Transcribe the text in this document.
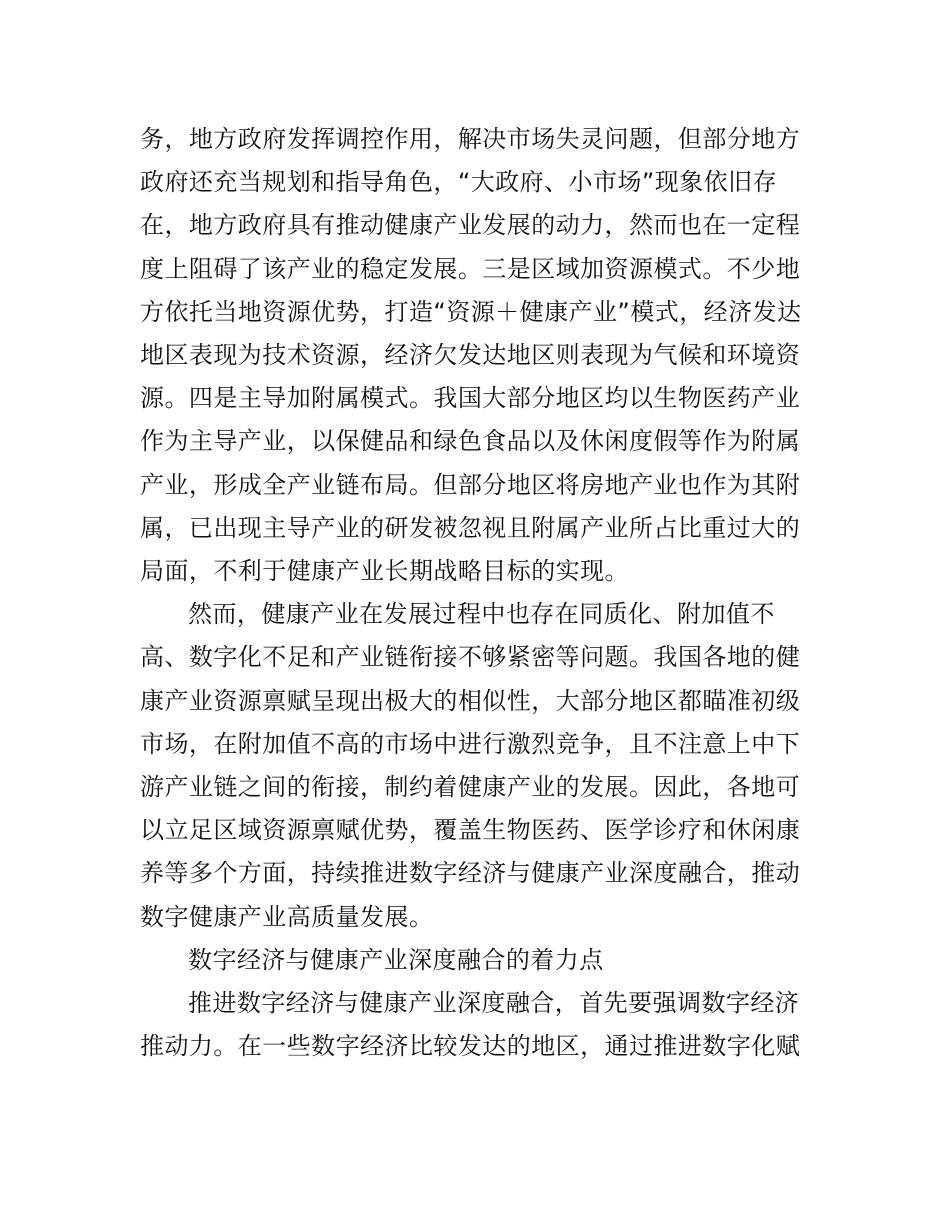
务，地方政府发挥调控作用，解决市场失灵问题，但部分地方
政府还充当规划和指导角色，“大政府、小市场”现象依旧存
在，地方政府具有推动健康产业发展的动力，然而也在一定程
度上阻碍了该产业的稳定发展。三是区域加资源模式。不少地
方依托当地资源优势，打造“资源＋健康产业”模式，经济发达
地区表现为技术资源，经济欠发达地区则表现为气候和环境资
源。四是主导加附属模式。我国大部分地区均以生物医药产业
作为主导产业，以保健品和绿色食品以及休闲度假等作为附属
产业，形成全产业链布局。但部分地区将房地产业也作为其附
属，已出现主导产业的研发被忽视且附属产业所占比重过大的
局面，不利于健康产业长期战略目标的实现。
然而，健康产业在发展过程中也存在同质化、附加值不
高、数字化不足和产业链衔接不够紧密等问题。我国各地的健
康产业资源禀赋呈现出极大的相似性，大部分地区都瞄准初级
市场，在附加值不高的市场中进行激烈竞争，且不注意上中下
游产业链之间的衔接，制约着健康产业的发展。因此，各地可
以立足区域资源禀赋优势，覆盖生物医药、医学诊疗和休闲康
养等多个方面，持续推进数字经济与健康产业深度融合，推动
数字健康产业高质量发展。
数字经济与健康产业深度融合的着力点
推进数字经济与健康产业深度融合，首先要强调数字经济
推动力。在一些数字经济比较发达的地区，通过推进数字化赋
